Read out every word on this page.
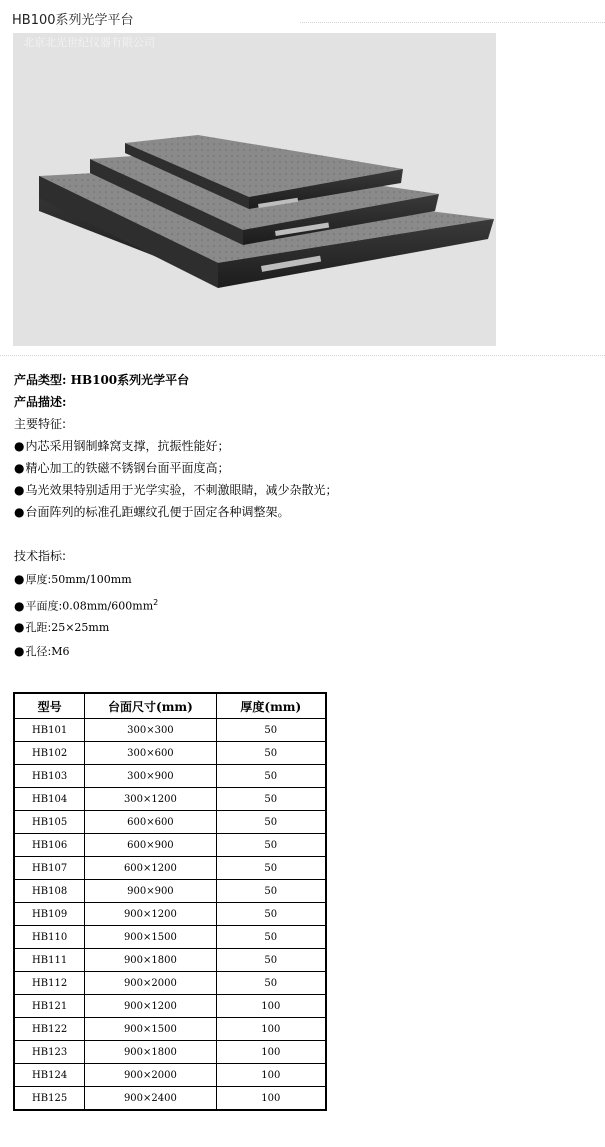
HB100系列光学平台
北京北光世纪仪器有限公司
产品类型: HB100系列光学平台
产品描述:
主要特征:
●内芯采用钢制蜂窝支撑，抗振性能好；
●精心加工的铁磁不锈钢台面平面度高；
●乌光效果特别适用于光学实验，不刺激眼睛，减少杂散光；
●台面阵列的标准孔距螺纹孔便于固定各种调整架。
技术指标:
●厚度:50mm/100mm
●平面度$:0.08mm/600mm^2$
●孔距:25×25mm
●孔径:M6
型号	台面尺寸(mm)	厚度(mm)
HB101	300×300	50
HB102	300×600	50
HB103	300×900	50
HB104	300×1200	50
HB105	600×600	50
HB106	600×900	50
HB107	600×1200	50
HB108	900×900	50
HB109	900×1200	50
HB110	900×1500	50
HB111	900×1800	50
HB112	900×2000	50
HB121	900×1200	100
HB122	900×1500	100
HB123	900×1800	100
HB124	900×2000	100
HB125	900×2400	100
